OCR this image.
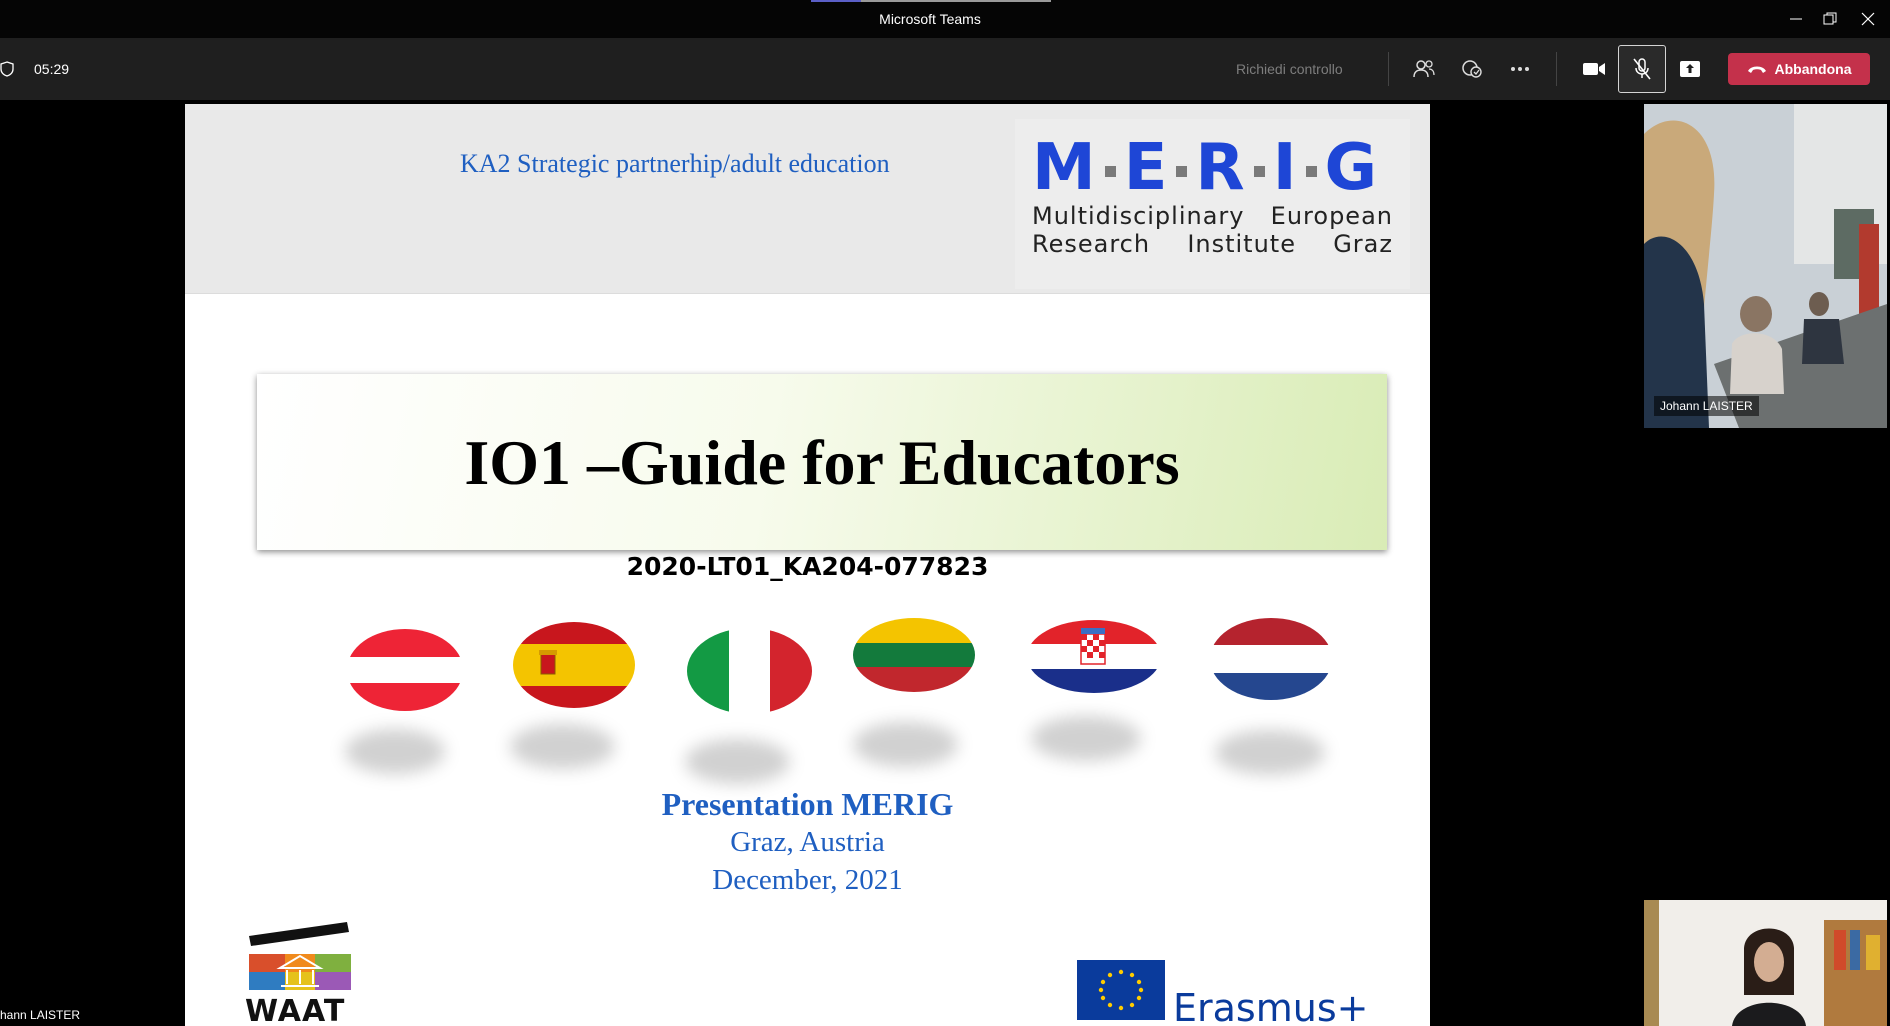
Microsoft Teams
05:29	Richiedi controllo	Abbandona
KA2 Strategic partnerhip/adult education M E R I G
Multidisciplinary European
Research Institute Graz
IO1 –Guide for Educators
2020-LT01_KA204-077823
Presentation MERIG
Graz, Austria
December, 2021
WAAT	Erasmus+
hann LAISTER
Johann LAISTER
